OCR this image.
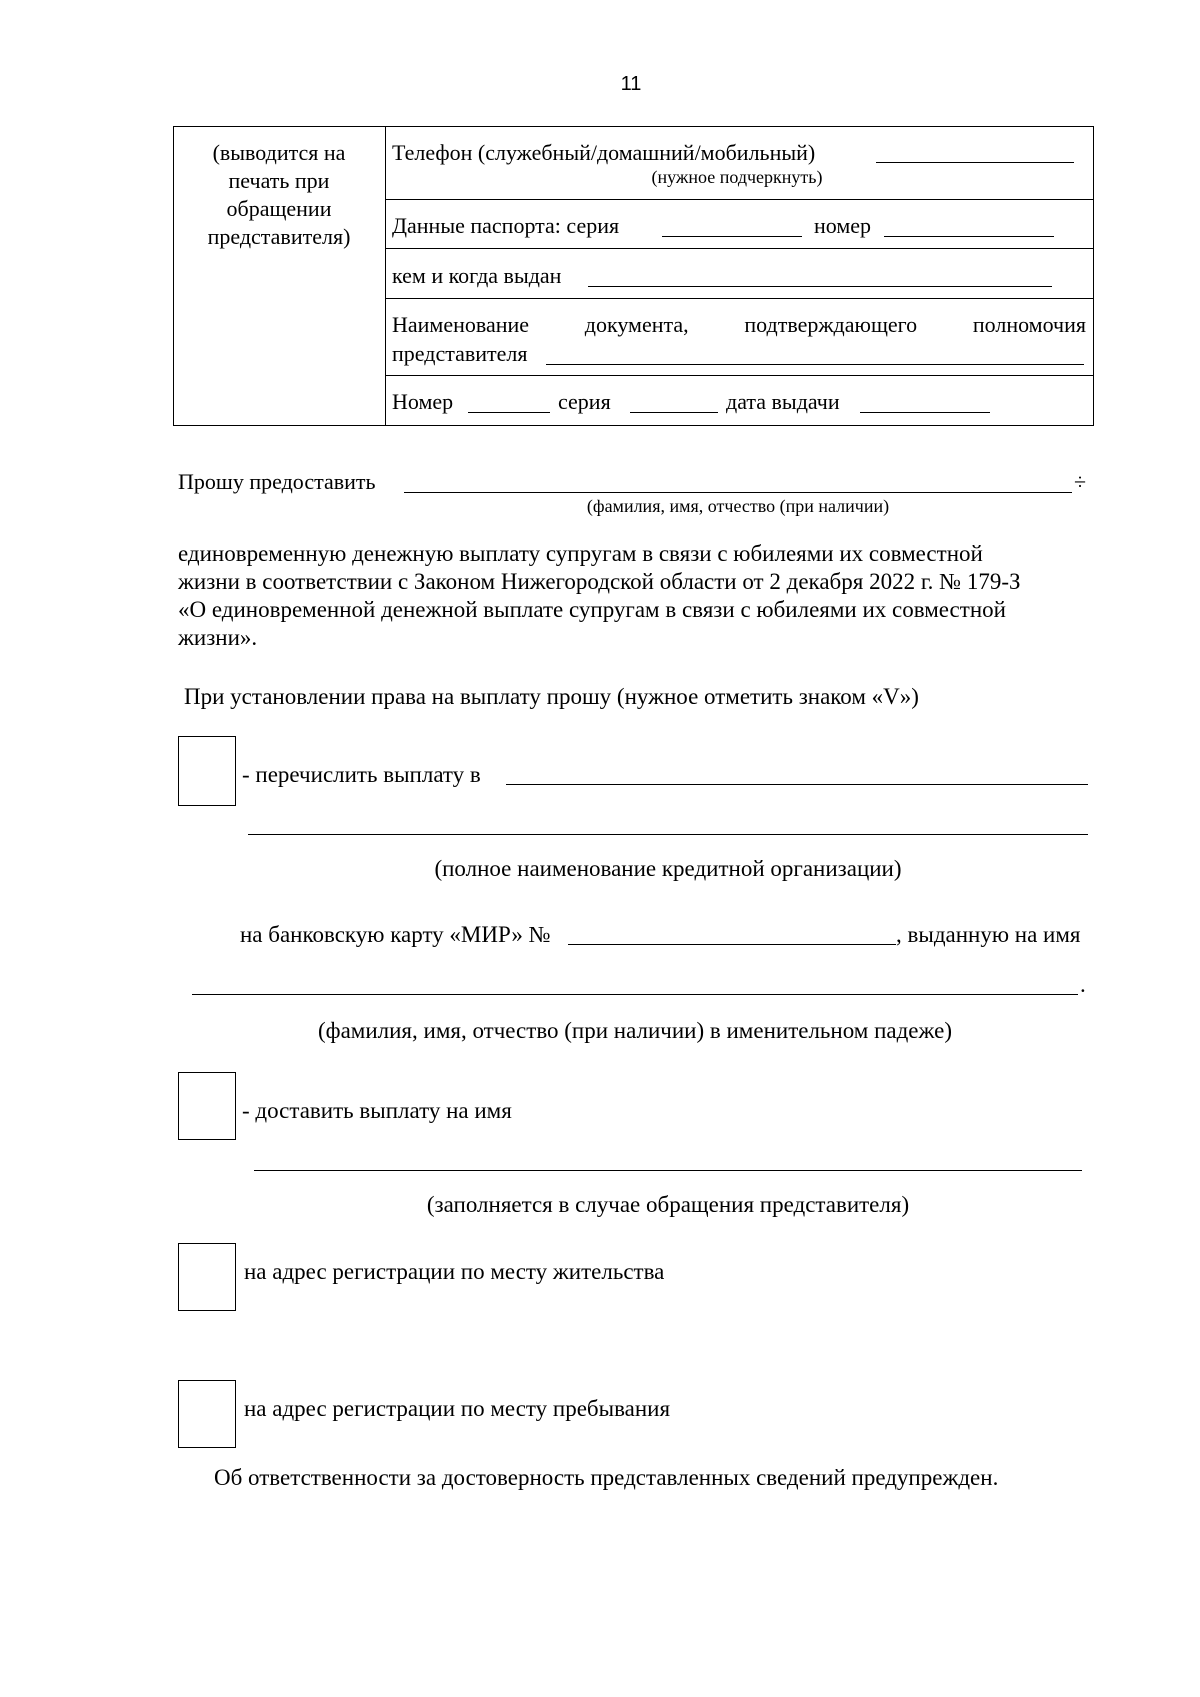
11
(выводится на
печать при
обращении
представителя)
Телефон (служебный/домашний/мобильный)
(нужное подчеркнуть)
Данные паспорта: серия	номер
кем и когда выдан
Наименование	документа,	подтверждающего	полномочия
представителя
Номер	серия	дата выдачи
Прошу предоставить	÷
(фамилия, имя, отчество (при наличии)
единовременную денежную выплату супругам в связи с юбилеями их совместной
жизни в соответствии с Законом Нижегородской области от 2 декабря 2022 г. № 179-З
«О единовременной денежной выплате супругам в связи с юбилеями их совместной
жизни».
При установлении права на выплату прошу (нужное отметить знаком «V»)
- перечислить выплату в
(полное наименование кредитной организации)
на банковскую карту «МИР» №	, выданную на имя
.
(фамилия, имя, отчество (при наличии) в именительном падеже)
- доставить выплату на имя
(заполняется в случае обращения представителя)
на адрес регистрации по месту жительства
на адрес регистрации по месту пребывания
Об ответственности за достоверность представленных сведений предупрежден.
